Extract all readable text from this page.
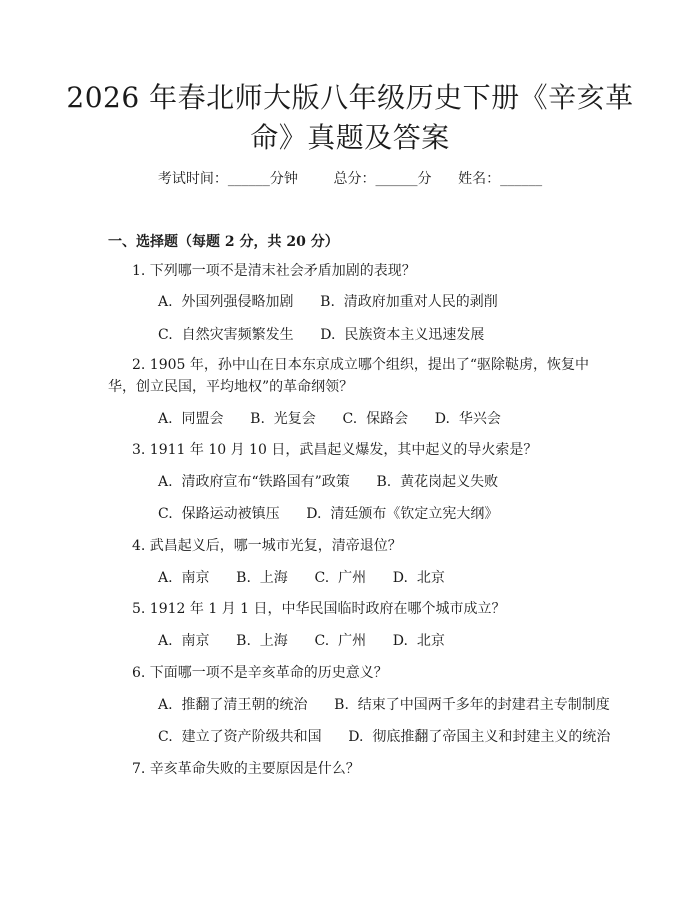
2026 年春北师大版八年级历史下册《辛亥革
命》真题及答案
考试时间：______分钟	总分：______分 姓名：______
一、选择题（每题 2 分，共 20 分）
1. 下列哪一项不是清末社会矛盾加剧的表现？
A.  外国列强侵略加剧      B.  清政府加重对人民的剥削
C.  自然灾害频繁发生      D.  民族资本主义迅速发展
2. 1905 年，孙中山在日本东京成立哪个组织，提出了“驱除鞑虏，恢复中
华，创立民国，平均地权”的革命纲领？
A.  同盟会      B.  光复会      C.  保路会      D.  华兴会
3. 1911 年 10 月 10 日，武昌起义爆发，其中起义的导火索是？
A.  清政府宣布“铁路国有”政策      B.  黄花岗起义失败
C.  保路运动被镇压      D.  清廷颁布《钦定立宪大纲》
4. 武昌起义后，哪一城市光复，清帝退位？
A.  南京      B.  上海      C.  广州      D.  北京
5. 1912 年 1 月 1 日，中华民国临时政府在哪个城市成立？
A.  南京      B.  上海      C.  广州      D.  北京
6. 下面哪一项不是辛亥革命的历史意义？
A.  推翻了清王朝的统治      B.  结束了中国两千多年的封建君主专制制度
C.  建立了资产阶级共和国      D.  彻底推翻了帝国主义和封建主义的统治
7. 辛亥革命失败的主要原因是什么？
